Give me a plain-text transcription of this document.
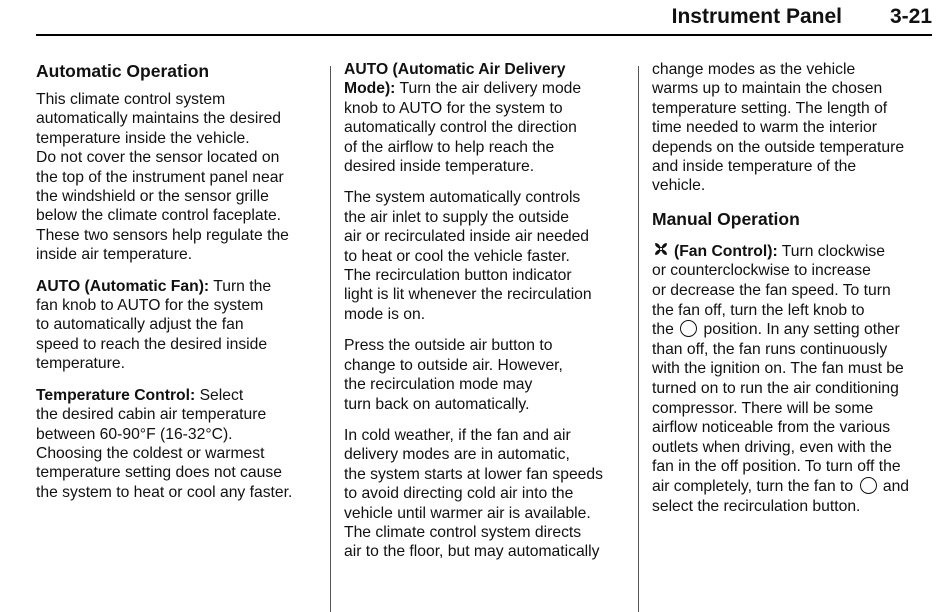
Instrument Panel 3-21
Automatic Operation
This climate control system
automatically maintains the desired
temperature inside the vehicle.
Do not cover the sensor located on
the top of the instrument panel near
the windshield or the sensor grille
below the climate control faceplate.
These two sensors help regulate the
inside air temperature.
AUTO (Automatic Fan): Turn the
fan knob to AUTO for the system
to automatically adjust the fan
speed to reach the desired inside
temperature.
Temperature Control: Select
the desired cabin air temperature
between 60-90°F (16-32°C).
Choosing the coldest or warmest
temperature setting does not cause
the system to heat or cool any faster.
AUTO (Automatic Air Delivery
Mode): Turn the air delivery mode
knob to AUTO for the system to
automatically control the direction
of the airflow to help reach the
desired inside temperature.
The system automatically controls
the air inlet to supply the outside
air or recirculated inside air needed
to heat or cool the vehicle faster.
The recirculation button indicator
light is lit whenever the recirculation
mode is on.
Press the outside air button to
change to outside air. However,
the recirculation mode may
turn back on automatically.
In cold weather, if the fan and air
delivery modes are in automatic,
the system starts at lower fan speeds
to avoid directing cold air into the
vehicle until warmer air is available.
The climate control system directs
air to the floor, but may automatically
change modes as the vehicle
warms up to maintain the chosen
temperature setting. The length of
time needed to warm the interior
depends on the outside temperature
and inside temperature of the
vehicle.
Manual Operation
(Fan Control): Turn clockwise
or counterclockwise to increase
or decrease the fan speed. To turn
the fan off, turn the left knob to
the  position. In any setting other
than off, the fan runs continuously
with the ignition on. The fan must be
turned on to run the air conditioning
compressor. There will be some
airflow noticeable from the various
outlets when driving, even with the
fan in the off position. To turn off the
air completely, turn the fan to  and
select the recirculation button.
